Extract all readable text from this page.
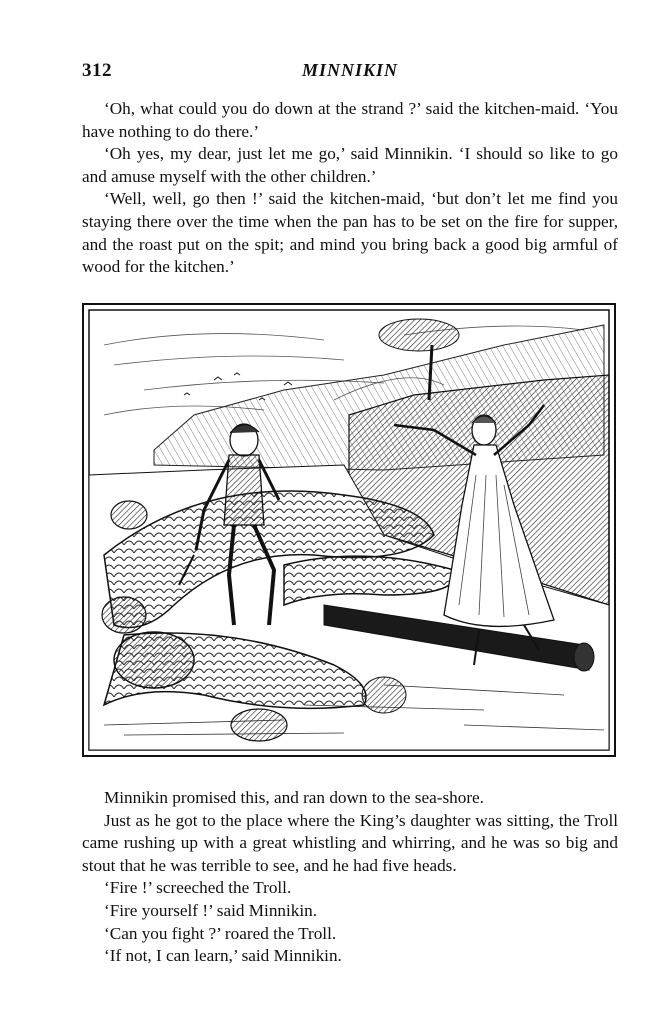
312	MINNIKIN

‘Oh, what could you do down at the strand ?’ said the kitchen-maid. ‘You have nothing to do there.’

‘Oh yes, my dear, just let me go,’ said Minnikin. ‘I should so like to go and amuse myself with the other children.’

‘Well, well, go then !’ said the kitchen-maid, ‘but don’t let me find you staying there over the time when the pan has to be set on the fire for supper, and the roast put on the spit; and mind you bring back a good big armful of wood for the kitchen.’

Minnikin promised this, and ran down to the sea-shore.

Just as he got to the place where the King’s daughter was sitting, the Troll came rushing up with a great whistling and whirring, and he was so big and stout that he was terrible to see, and he had five heads.

‘Fire !’ screeched the Troll.

‘Fire yourself !’ said Minnikin.

‘Can you fight ?’ roared the Troll.

‘If not, I can learn,’ said Minnikin.
